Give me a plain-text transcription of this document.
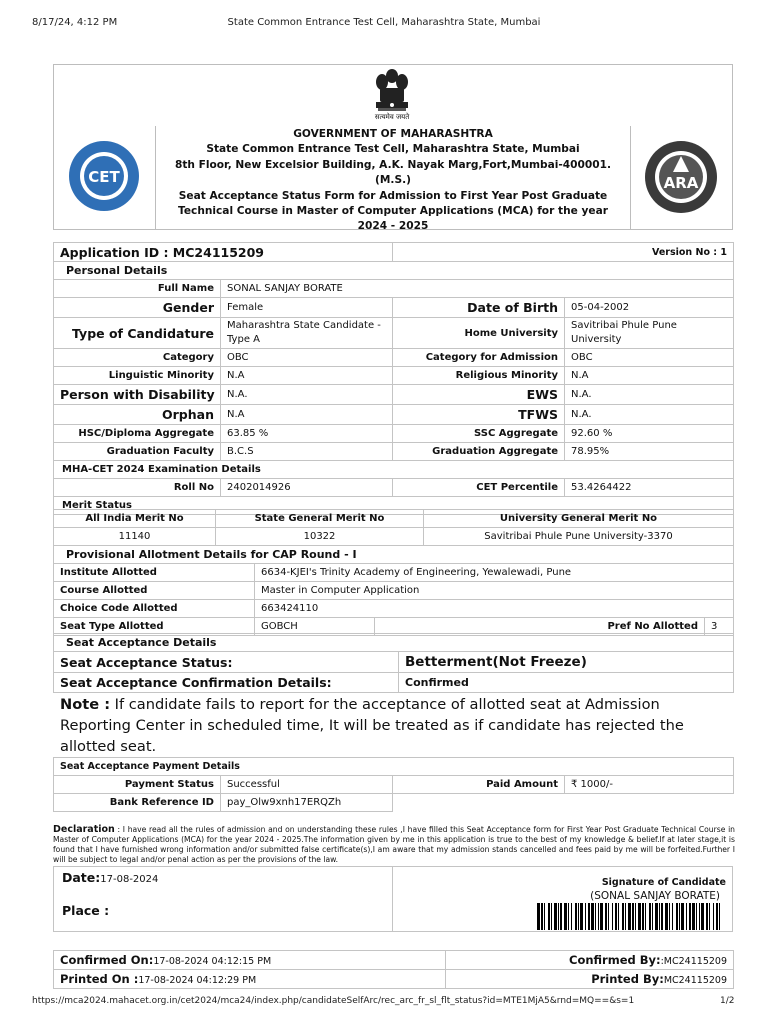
8/17/24, 4:12 PM	State Common Entrance Test Cell, Maharashtra State, Mumbai
सत्यमेव जयते
GOVERNMENT OF MAHARASHTRA
State Common Entrance Test Cell, Maharashtra State, Mumbai
8th Floor, New Excelsior Building, A.K. Nayak Marg,Fort,Mumbai-400001.
(M.S.)
Seat Acceptance Status Form for Admission to First Year Post Graduate
Technical Course in Master of Computer Applications (MCA) for the year
2024 - 2025
CET	ARA
Application ID : MC24115209		Version No : 1	
Personal Details			
Full Name	SONAL SANJAY BORATE		
Gender	Female	Date of Birth	05-04-2002
Type of Candidature	Maharashtra State Candidate - Type A	Home University	Savitribai Phule Pune University
Category	OBC	Category for Admission	OBC
Linguistic Minority	N.A	Religious Minority	N.A
Person with Disability	N.A.	EWS	N.A.
Orphan	N.A	TFWS	N.A.
HSC/Diploma Aggregate	63.85 %	SSC Aggregate	92.60 %
Graduation Faculty	B.C.S	Graduation Aggregate	78.95%
MHA-CET 2024 Examination Details			
Roll No	2402014926	CET Percentile	53.4264422
Merit Status			
All India Merit No	State General Merit No	University General Merit No
11140	10322	Savitribai Phule Pune University-3370
Provisional Allotment Details for CAP Round - I			
Institute Allotted	6634-KJEI's Trinity Academy of Engineering, Yewalewadi, Pune		
Course Allotted	Master in Computer Application		
Choice Code Allotted	663424110		
Seat Type Allotted	GOBCH	Pref No Allotted	3
Seat Acceptance Details	
Seat Acceptance Status:	Betterment(Not Freeze)
Seat Acceptance Confirmation Details:	Confirmed
Note : If candidate fails to report for the acceptance of allotted seat at Admission Reporting Center in scheduled time, It will be treated as if candidate has rejected the allotted seat.
Seat Acceptance Payment Details			
Payment Status	Successful	Paid Amount	₹ 1000/-
Bank Reference ID	pay_Olw9xnh17ERQZh		
Declaration : I have read all the rules of admission and on understanding these rules ,I have filled this Seat Acceptance form for First Year Post Graduate Technical Course in Master of Computer Applications (MCA) for the year 2024 - 2025.The information given by me in this application is true to the best of my knowledge & belief.If at later stage,it is found that I have furnished wrong information and/or submitted false certificate(s),I am aware that my admission stands cancelled and fees paid by me will be forfeited.Further I will be subject to legal and/or penal action as per the provisions of the law.
Date:17-08-2024
Place :
Signature of Candidate
(SONAL SANJAY BORATE)
Confirmed On:17-08-2024 04:12:15 PM	Confirmed By::MC24115209
Printed On :17-08-2024 04:12:29 PM	Printed By:MC24115209
https://mca2024.mahacet.org.in/cet2024/mca24/index.php/candidateSelfArc/rec_arc_fr_sl_flt_status?id=MTE1MjA5&rnd=MQ==&s=1	1/2
